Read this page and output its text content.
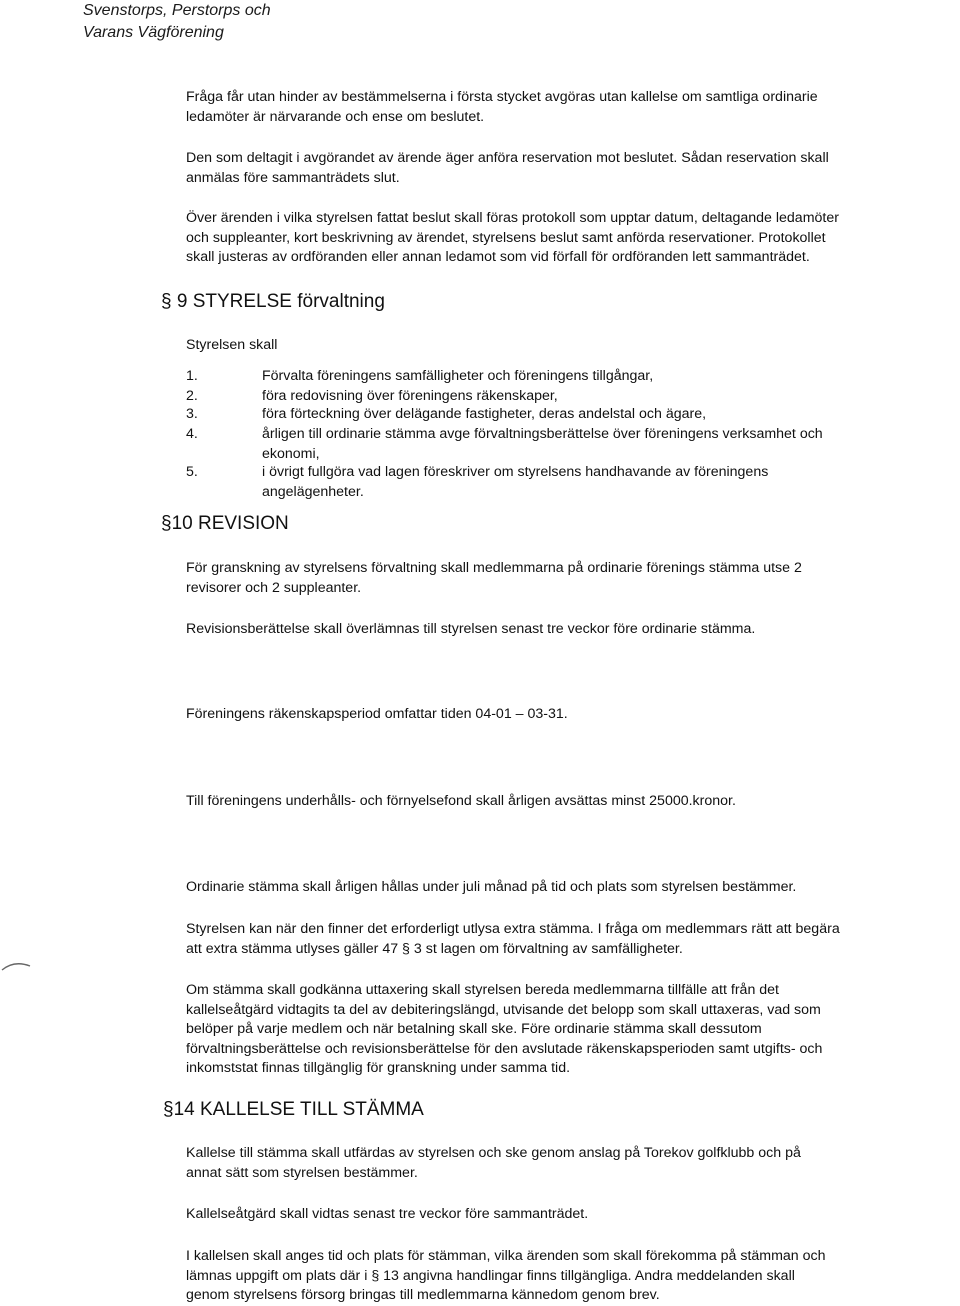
Svenstorps, Perstorps och
Varans Vägförening

Fråga får utan hinder av bestämmelserna i första stycket avgöras utan kallelse om samtliga ordinarie
ledamöter är närvarande och ense om beslutet.

Den som deltagit i avgörandet av ärende äger anföra reservation mot beslutet. Sådan reservation skall
anmälas före sammanträdets slut.

Över ärenden i vilka styrelsen fattat beslut skall föras protokoll som upptar datum, deltagande ledamöter
och suppleanter, kort beskrivning av ärendet, styrelsens beslut samt anförda reservationer. Protokollet
skall justeras av ordföranden eller annan ledamot som vid förfall för ordföranden lett sammanträdet.

§ 9 STYRELSE förvaltning

Styrelsen skall

1.	Förvalta föreningens samfälligheter och föreningens tillgångar,
2.	föra redovisning över föreningens räkenskaper,
3.	föra förteckning över delägande fastigheter, deras andelstal och ägare,
4.	årligen till ordinarie stämma avge förvaltningsberättelse över föreningens verksamhet och
ekonomi,
5.	i övrigt fullgöra vad lagen föreskriver om styrelsens handhavande av föreningens
angelägenheter.
§10 REVISION

För granskning av styrelsens förvaltning skall medlemmarna på ordinarie förenings stämma utse 2
revisorer och 2 suppleanter.

Revisionsberättelse skall överlämnas till styrelsen senast tre veckor före ordinarie stämma.

Föreningens räkenskapsperiod omfattar tiden 04-01 – 03-31.

Till föreningens underhålls- och förnyelsefond skall årligen avsättas minst 25000.kronor.

Ordinarie stämma skall årligen hållas under juli månad på tid och plats som styrelsen bestämmer.

Styrelsen kan när den finner det erforderligt utlysa extra stämma. I fråga om medlemmars rätt att begära
att extra stämma utlyses gäller 47 § 3 st lagen om förvaltning av samfälligheter.

Om stämma skall godkänna uttaxering skall styrelsen bereda medlemmarna tillfälle att från det
kallelseåtgärd vidtagits ta del av debiteringslängd, utvisande det belopp som skall uttaxeras, vad som
belöper på varje medlem och när betalning skall ske. Före ordinarie stämma skall dessutom
förvaltningsberättelse och revisionsberättelse för den avslutade räkenskapsperioden samt utgifts- och
inkomststat finnas tillgänglig för granskning under samma tid.

§14 KALLELSE TILL STÄMMA

Kallelse till stämma skall utfärdas av styrelsen och ske genom anslag på Torekov golfklubb och på
annat sätt som styrelsen bestämmer.

Kallelseåtgärd skall vidtas senast tre veckor före sammanträdet.

I kallelsen skall anges tid och plats för stämman, vilka ärenden som skall förekomma på stämman och
lämnas uppgift om plats där i § 13 angivna handlingar finns tillgängliga. Andra meddelanden skall
genom styrelsens försorg bringas till medlemmarna kännedom genom brev.
